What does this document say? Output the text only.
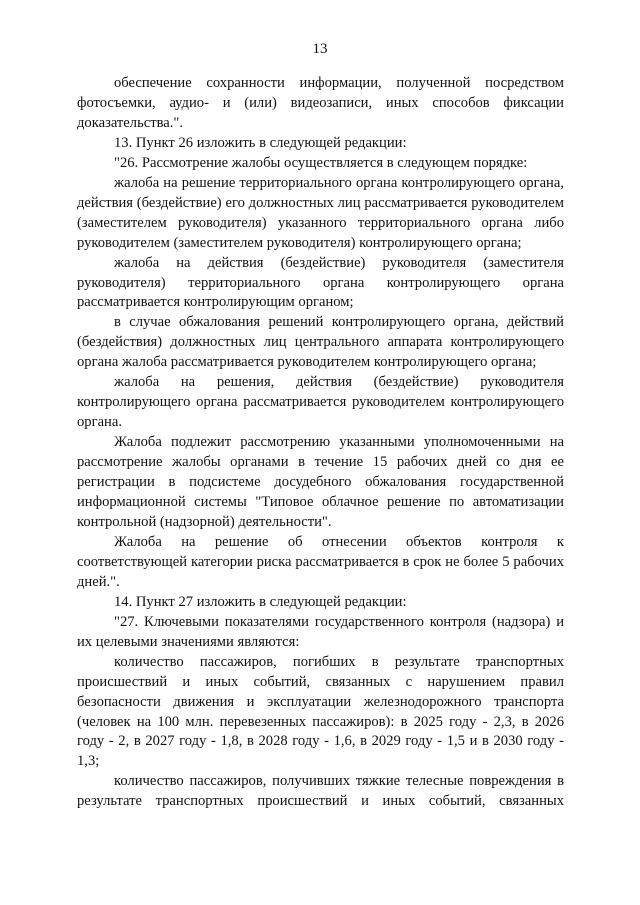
13

обеспечение сохранности информации, полученной посредством фотосъемки, аудио- и (или) видеозаписи, иных способов фиксации доказательства.".

13. Пункт 26 изложить в следующей редакции:

"26. Рассмотрение жалобы осуществляется в следующем порядке:

жалоба на решение территориального органа контролирующего органа, действия (бездействие) его должностных лиц рассматривается руководителем (заместителем руководителя) указанного территориального органа либо руководителем (заместителем руководителя) контролирующего органа;

жалоба на действия (бездействие) руководителя (заместителя руководителя) территориального органа контролирующего органа рассматривается контролирующим органом;

в случае обжалования решений контролирующего органа, действий (бездействия) должностных лиц центрального аппарата контролирующего органа жалоба рассматривается руководителем контролирующего органа;

жалоба на решения, действия (бездействие) руководителя контролирующего органа рассматривается руководителем контролирующего органа.

Жалоба подлежит рассмотрению указанными уполномоченными на рассмотрение жалобы органами в течение 15 рабочих дней со дня ее регистрации в подсистеме досудебного обжалования государственной информационной системы "Типовое облачное решение по автоматизации контрольной (надзорной) деятельности".

Жалоба на решение об отнесении объектов контроля к соответствующей категории риска рассматривается в срок не более 5 рабочих дней.".

14. Пункт 27 изложить в следующей редакции:

"27. Ключевыми показателями государственного контроля (надзора) и их целевыми значениями являются:

количество пассажиров, погибших в результате транспортных происшествий и иных событий, связанных с нарушением правил безопасности движения и эксплуатации железнодорожного транспорта (человек на 100 млн. перевезенных пассажиров): в 2025 году - 2,3, в 2026 году - 2, в 2027 году - 1,8, в 2028 году - 1,6, в 2029 году - 1,5 и в 2030 году - 1,3;

количество пассажиров, получивших тяжкие телесные повреждения в результате транспортных происшествий и иных событий, связанных
